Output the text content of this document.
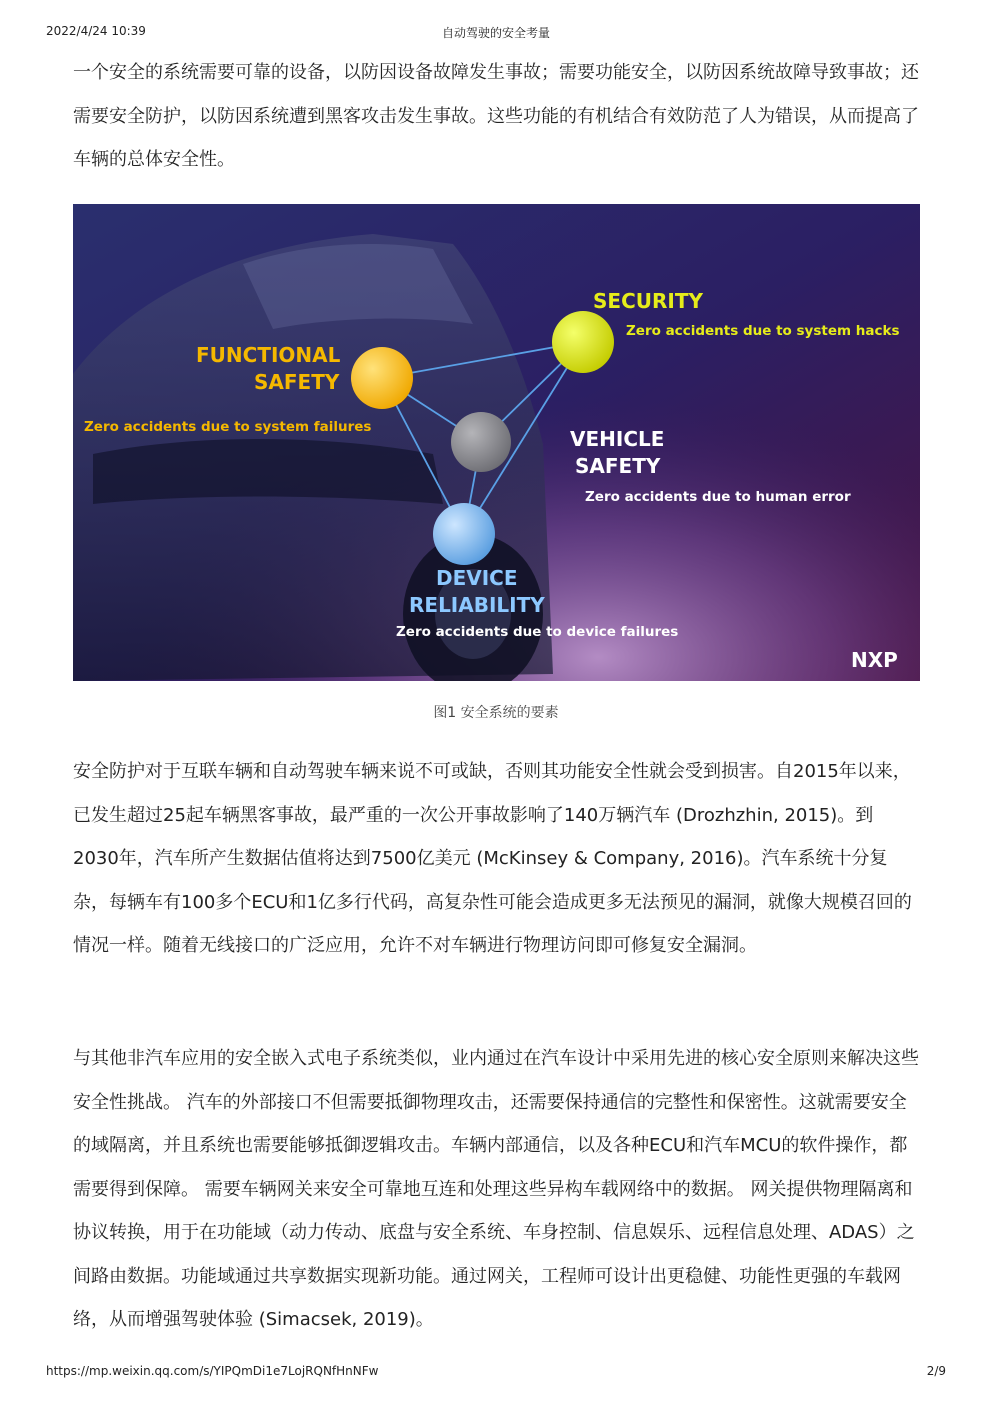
2022/4/24 10:39	自动驾驶的安全考量

一个安全的系统需要可靠的设备，以防因设备故障发生事故；需要功能安全，以防因系统故障导致事故；还需要安全防护，以防因系统遭到黑客攻击发生事故。这些功能的有机结合有效防范了人为错误，从而提高了车辆的总体安全性。

FUNCTIONAL
SAFETY
Zero accidents due to system failures
SECURITY
Zero accidents due to system hacks
VEHICLE
SAFETY
Zero accidents due to human error
DEVICE
RELIABILITY
Zero accidents due to device failures
NXP
图1 安全系统的要素

安全防护对于互联车辆和自动驾驶车辆来说不可或缺，否则其功能安全性就会受到损害。自2015年以来，已发生超过25起车辆黑客事故，最严重的一次公开事故影响了140万辆汽车 (Drozhzhin, 2015)。到2030年，汽车所产生数据估值将达到7500亿美元 (McKinsey & Company, 2016)。汽车系统十分复杂，每辆车有100多个ECU和1亿多行代码，高复杂性可能会造成更多无法预见的漏洞，就像大规模召回的情况一样。随着无线接口的广泛应用，允许不对车辆进行物理访问即可修复安全漏洞。

与其他非汽车应用的安全嵌入式电子系统类似，业内通过在汽车设计中采用先进的核心安全原则来解决这些安全性挑战。 汽车的外部接口不但需要抵御物理攻击，还需要保持通信的完整性和保密性。这就需要安全的域隔离，并且系统也需要能够抵御逻辑攻击。车辆内部通信，以及各种ECU和汽车MCU的软件操作，都需要得到保障。 需要车辆网关来安全可靠地互连和处理这些异构车载网络中的数据。 网关提供物理隔离和协议转换，用于在功能域（动力传动、底盘与安全系统、车身控制、信息娱乐、远程信息处理、ADAS）之间路由数据。功能域通过共享数据实现新功能。通过网关，工程师可设计出更稳健、功能性更强的车载网络，从而增强驾驶体验 (Simacsek, 2019)。

https://mp.weixin.qq.com/s/YIPQmDi1e7LojRQNfHnNFw	2/9
